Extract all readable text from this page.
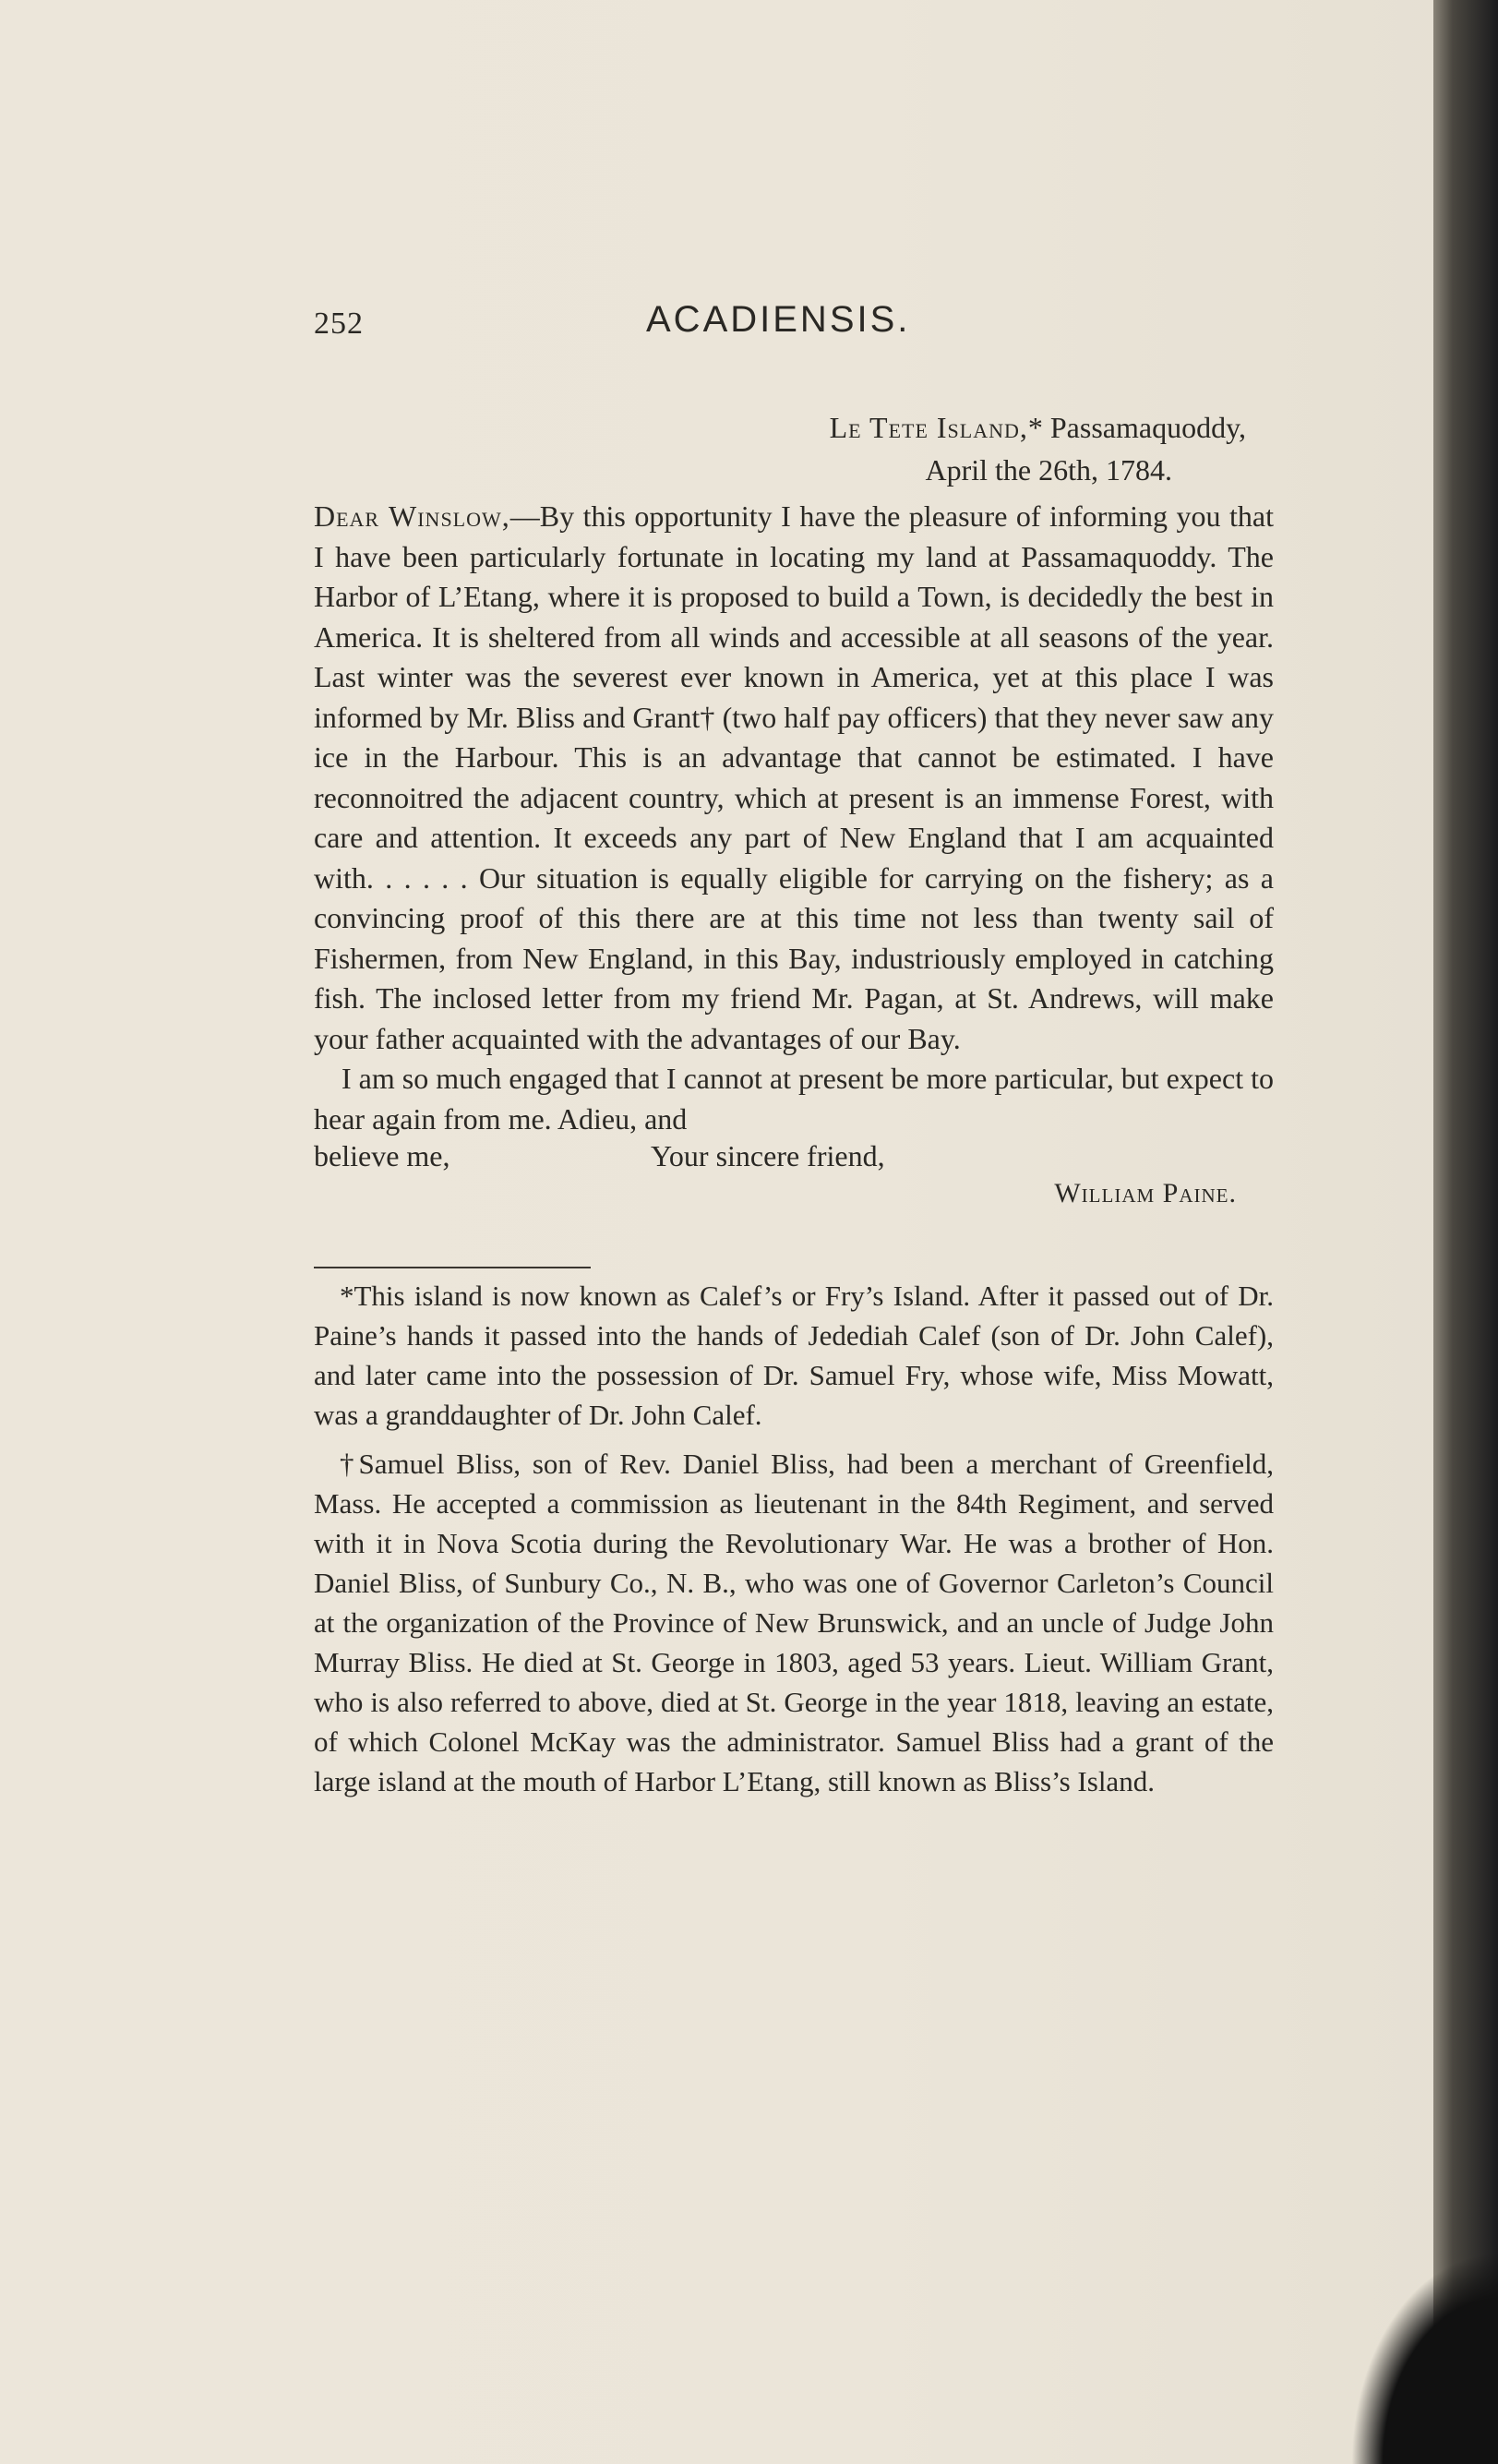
252	ACADIENSIS.
Le Tete Island,* Passamaquoddy,
April the 26th, 1784.

Dear Winslow,—By this opportunity I have the pleasure of informing you that I have been particularly fortunate in locating my land at Passamaquoddy. The Harbor of L’Etang, where it is proposed to build a Town, is decidedly the best in America. It is sheltered from all winds and accessible at all seasons of the year. Last winter was the severest ever known in America, yet at this place I was informed by Mr. Bliss and Grant† (two half pay officers) that they never saw any ice in the Harbour. This is an advantage that cannot be estimated. I have reconnoitred the adjacent country, which at present is an immense Forest, with care and attention. It exceeds any part of New England that I am acquainted with. . . . . . Our situation is equally eligible for carrying on the fishery; as a convincing proof of this there are at this time not less than twenty sail of Fishermen, from New England, in this Bay, industriously employed in catching fish. The inclosed letter from my friend Mr. Pagan, at St. Andrews, will make your father acquainted with the advantages of our Bay.

I am so much engaged that I cannot at present be more particular, but expect to hear again from me. Adieu, and

believe me,	Your sincere friend,
William Paine.

*This island is now known as Calef’s or Fry’s Island. After it passed out of Dr. Paine’s hands it passed into the hands of Jedediah Calef (son of Dr. John Calef), and later came into the possession of Dr. Samuel Fry, whose wife, Miss Mowatt, was a granddaughter of Dr. John Calef.

†Samuel Bliss, son of Rev. Daniel Bliss, had been a merchant of Greenfield, Mass. He accepted a commission as lieutenant in the 84th Regiment, and served with it in Nova Scotia during the Revolutionary War. He was a brother of Hon. Daniel Bliss, of Sunbury Co., N. B., who was one of Governor Carleton’s Council at the organization of the Province of New Brunswick, and an uncle of Judge John Murray Bliss. He died at St. George in 1803, aged 53 years. Lieut. William Grant, who is also referred to above, died at St. George in the year 1818, leaving an estate, of which Colonel McKay was the administrator. Samuel Bliss had a grant of the large island at the mouth of Harbor L’Etang, still known as Bliss’s Island.
